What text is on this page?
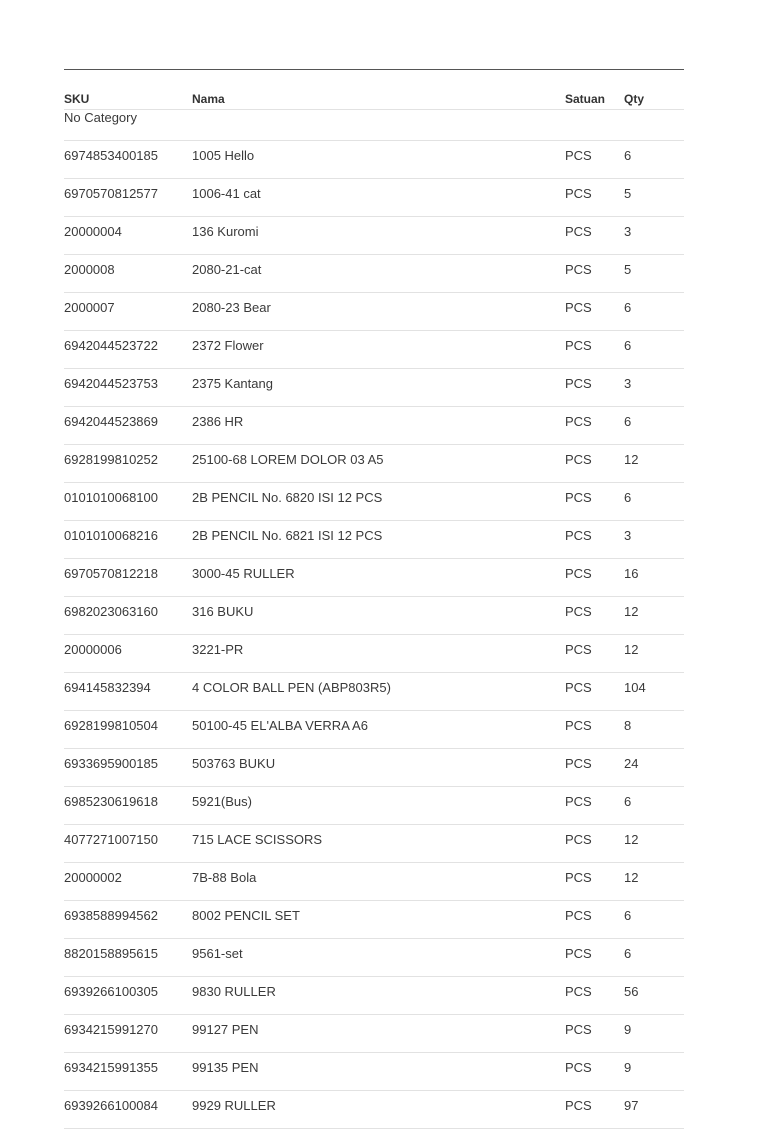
SKU	Nama	Satuan	Qty
No Category			
6974853400185	1005 Hello	PCS	6
6970570812577	1006-41 cat	PCS	5
20000004	136 Kuromi	PCS	3
2000008	2080-21-cat	PCS	5
2000007	2080-23 Bear	PCS	6
6942044523722	2372 Flower	PCS	6
6942044523753	2375 Kantang	PCS	3
6942044523869	2386 HR	PCS	6
6928199810252	25100-68 LOREM DOLOR 03 A5	PCS	12
0101010068100	2B PENCIL No. 6820 ISI 12 PCS	PCS	6
0101010068216	2B PENCIL No. 6821 ISI 12 PCS	PCS	3
6970570812218	3000-45 RULLER	PCS	16
6982023063160	316 BUKU	PCS	12
20000006	3221-PR	PCS	12
694145832394	4 COLOR BALL PEN (ABP803R5)	PCS	104
6928199810504	50100-45 EL'ALBA VERRA A6	PCS	8
6933695900185	503763 BUKU	PCS	24
6985230619618	5921(Bus)	PCS	6
4077271007150	715 LACE SCISSORS	PCS	12
20000002	7B-88 Bola	PCS	12
6938588994562	8002 PENCIL SET	PCS	6
8820158895615	9561-set	PCS	6
6939266100305	9830 RULLER	PCS	56
6934215991270	99127 PEN	PCS	9
6934215991355	99135 PEN	PCS	9
6939266100084	9929 RULLER	PCS	97
